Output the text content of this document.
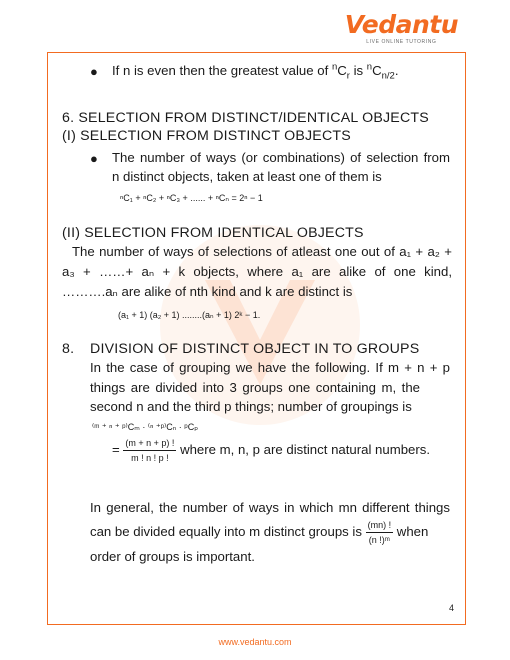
Vedantu
LIVE ONLINE TUTORING
● If n is even then the greatest value of $^nC_r$ is $^nC_{n/2}$.
6. SELECTION FROM DISTINCT/IDENTICAL OBJECTS
(I) SELECTION FROM DISTINCT OBJECTS
● The number of ways (or combinations) of selection from
n distinct objects, taken at least one of them is
ⁿC₁ + ⁿC₂ + ⁿC₃ + ...... + ⁿCₙ = 2ⁿ − 1
(II) SELECTION FROM IDENTICAL OBJECTS
The number of ways of selections of atleast one out of a₁ + a₂ +
a₃ + ……+ aₙ + k objects, where a₁ are alike of one kind,
……….aₙ are alike of nth kind and k are distinct is
(a₁ + 1) (a₂ + 1) ........(aₙ + 1) 2ᵏ − 1.
8. DIVISION OF DISTINCT OBJECT IN TO GROUPS
In the case of grouping we have the following. If m + n + p
things are divided into 3 groups one containing m, the
second n and the third p things; number of groupings is
⁽ᵐ ⁺ ⁿ ⁺ ᵖ⁾Cₘ · ⁽ⁿ ⁺ᵖ⁾Cₙ · ᵖCₚ
= $\frac{(m + n + p) !}{m ! n ! p !}$ where m, n, p are distinct natural numbers.
In general, the number of ways in which mn different things
can be divided equally into m distinct groups is $\frac{(mn) !}{\text{(n !)ᵐ}}$ when
order of groups is important.
4
www.vedantu.com
